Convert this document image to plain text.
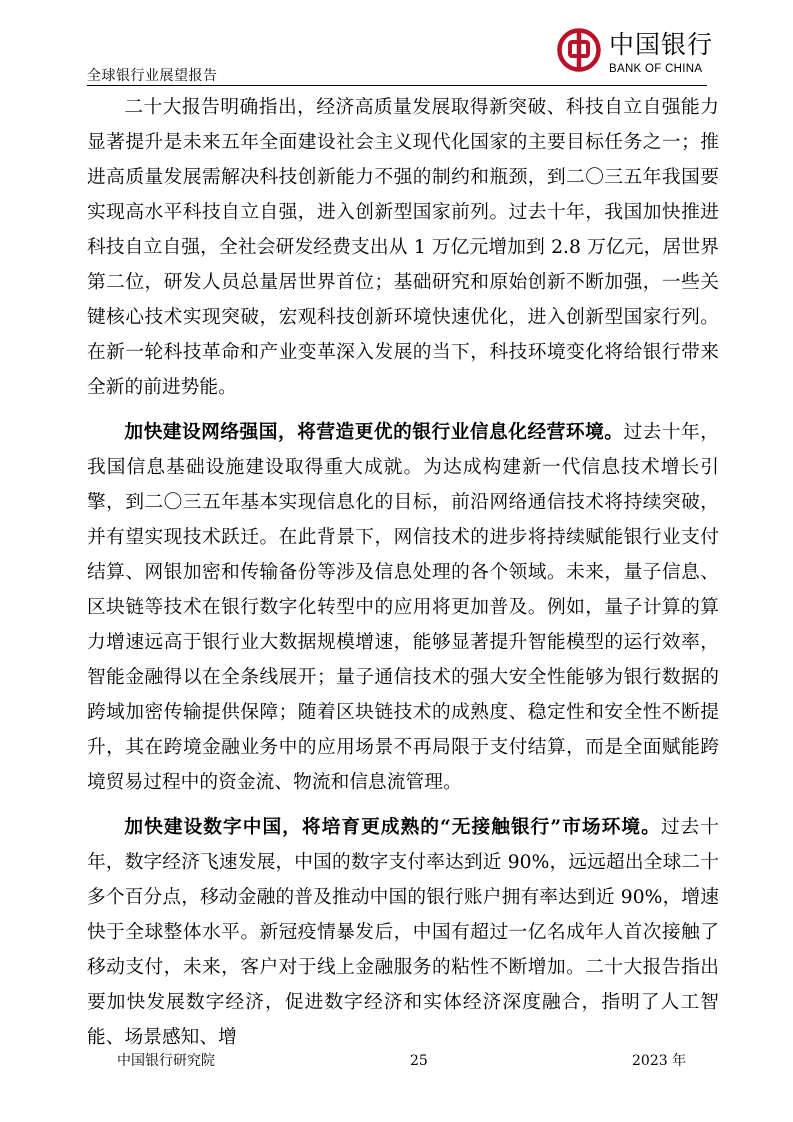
全球银行业展望报告
中国银行
BANK OF CHINA

二十大报告明确指出，经济高质量发展取得新突破、科技自立自强能力显著提升是未来五年全面建设社会主义现代化国家的主要目标任务之一；推进高质量发展需解决科技创新能力不强的制约和瓶颈，到二〇三五年我国要实现高水平科技自立自强，进入创新型国家前列。过去十年，我国加快推进科技自立自强，全社会研发经费支出从 1 万亿元增加到 2.8 万亿元，居世界第二位，研发人员总量居世界首位；基础研究和原始创新不断加强，一些关键核心技术实现突破，宏观科技创新环境快速优化，进入创新型国家行列。在新一轮科技革命和产业变革深入发展的当下，科技环境变化将给银行带来全新的前进势能。

加快建设网络强国，将营造更优的银行业信息化经营环境。过去十年，我国信息基础设施建设取得重大成就。为达成构建新一代信息技术增长引擎，到二〇三五年基本实现信息化的目标，前沿网络通信技术将持续突破，并有望实现技术跃迁。在此背景下，网信技术的进步将持续赋能银行业支付结算、网银加密和传输备份等涉及信息处理的各个领域。未来，量子信息、区块链等技术在银行数字化转型中的应用将更加普及。例如，量子计算的算力增速远高于银行业大数据规模增速，能够显著提升智能模型的运行效率，智能金融得以在全条线展开；量子通信技术的强大安全性能够为银行数据的跨域加密传输提供保障；随着区块链技术的成熟度、稳定性和安全性不断提升，其在跨境金融业务中的应用场景不再局限于支付结算，而是全面赋能跨境贸易过程中的资金流、物流和信息流管理。

加快建设数字中国，将培育更成熟的“无接触银行”市场环境。过去十年，数字经济飞速发展，中国的数字支付率达到近 90%，远远超出全球二十多个百分点，移动金融的普及推动中国的银行账户拥有率达到近 90%，增速快于全球整体水平。新冠疫情暴发后，中国有超过一亿名成年人首次接触了移动支付，未来，客户对于线上金融服务的粘性不断增加。二十大报告指出要加快发展数字经济，促进数字经济和实体经济深度融合，指明了人工智能、场景感知、增

中国银行研究院	25	2023 年
